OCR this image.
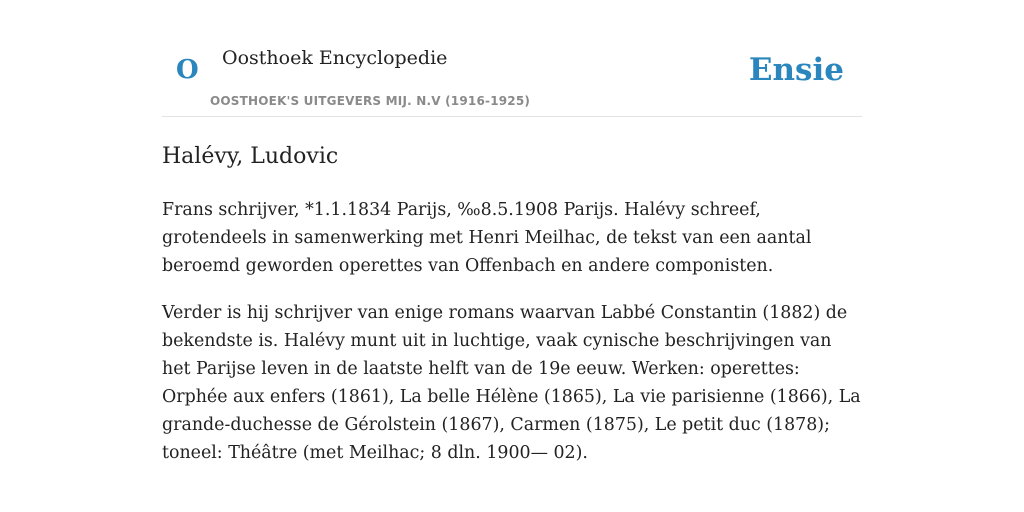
O Oosthoek Encyclopedie
OOSTHOEK'S UITGEVERS MIJ. N.V (1916-1925)
Ensie
Halévy, Ludovic

Frans schrijver, *1.1.1834 Parijs, ‰8.5.1908 Parijs. Halévy schreef, grotendeels in samenwerking met Henri Meilhac, de tekst van een aantal beroemd geworden operettes van Offenbach en andere componisten.

Verder is hij schrijver van enige romans waarvan Labbé Constantin (1882) de bekendste is. Halévy munt uit in luchtige, vaak cynische beschrijvingen van het Parijse leven in de laatste helft van de 19e eeuw. Werken: operettes: Orphée aux enfers (1861), La belle Hélène (1865), La vie parisienne (1866), La grande-duchesse de Gérolstein (1867), Carmen (1875), Le petit duc (1878); toneel: Théâtre (met Meilhac; 8 dln. 1900— 02).
